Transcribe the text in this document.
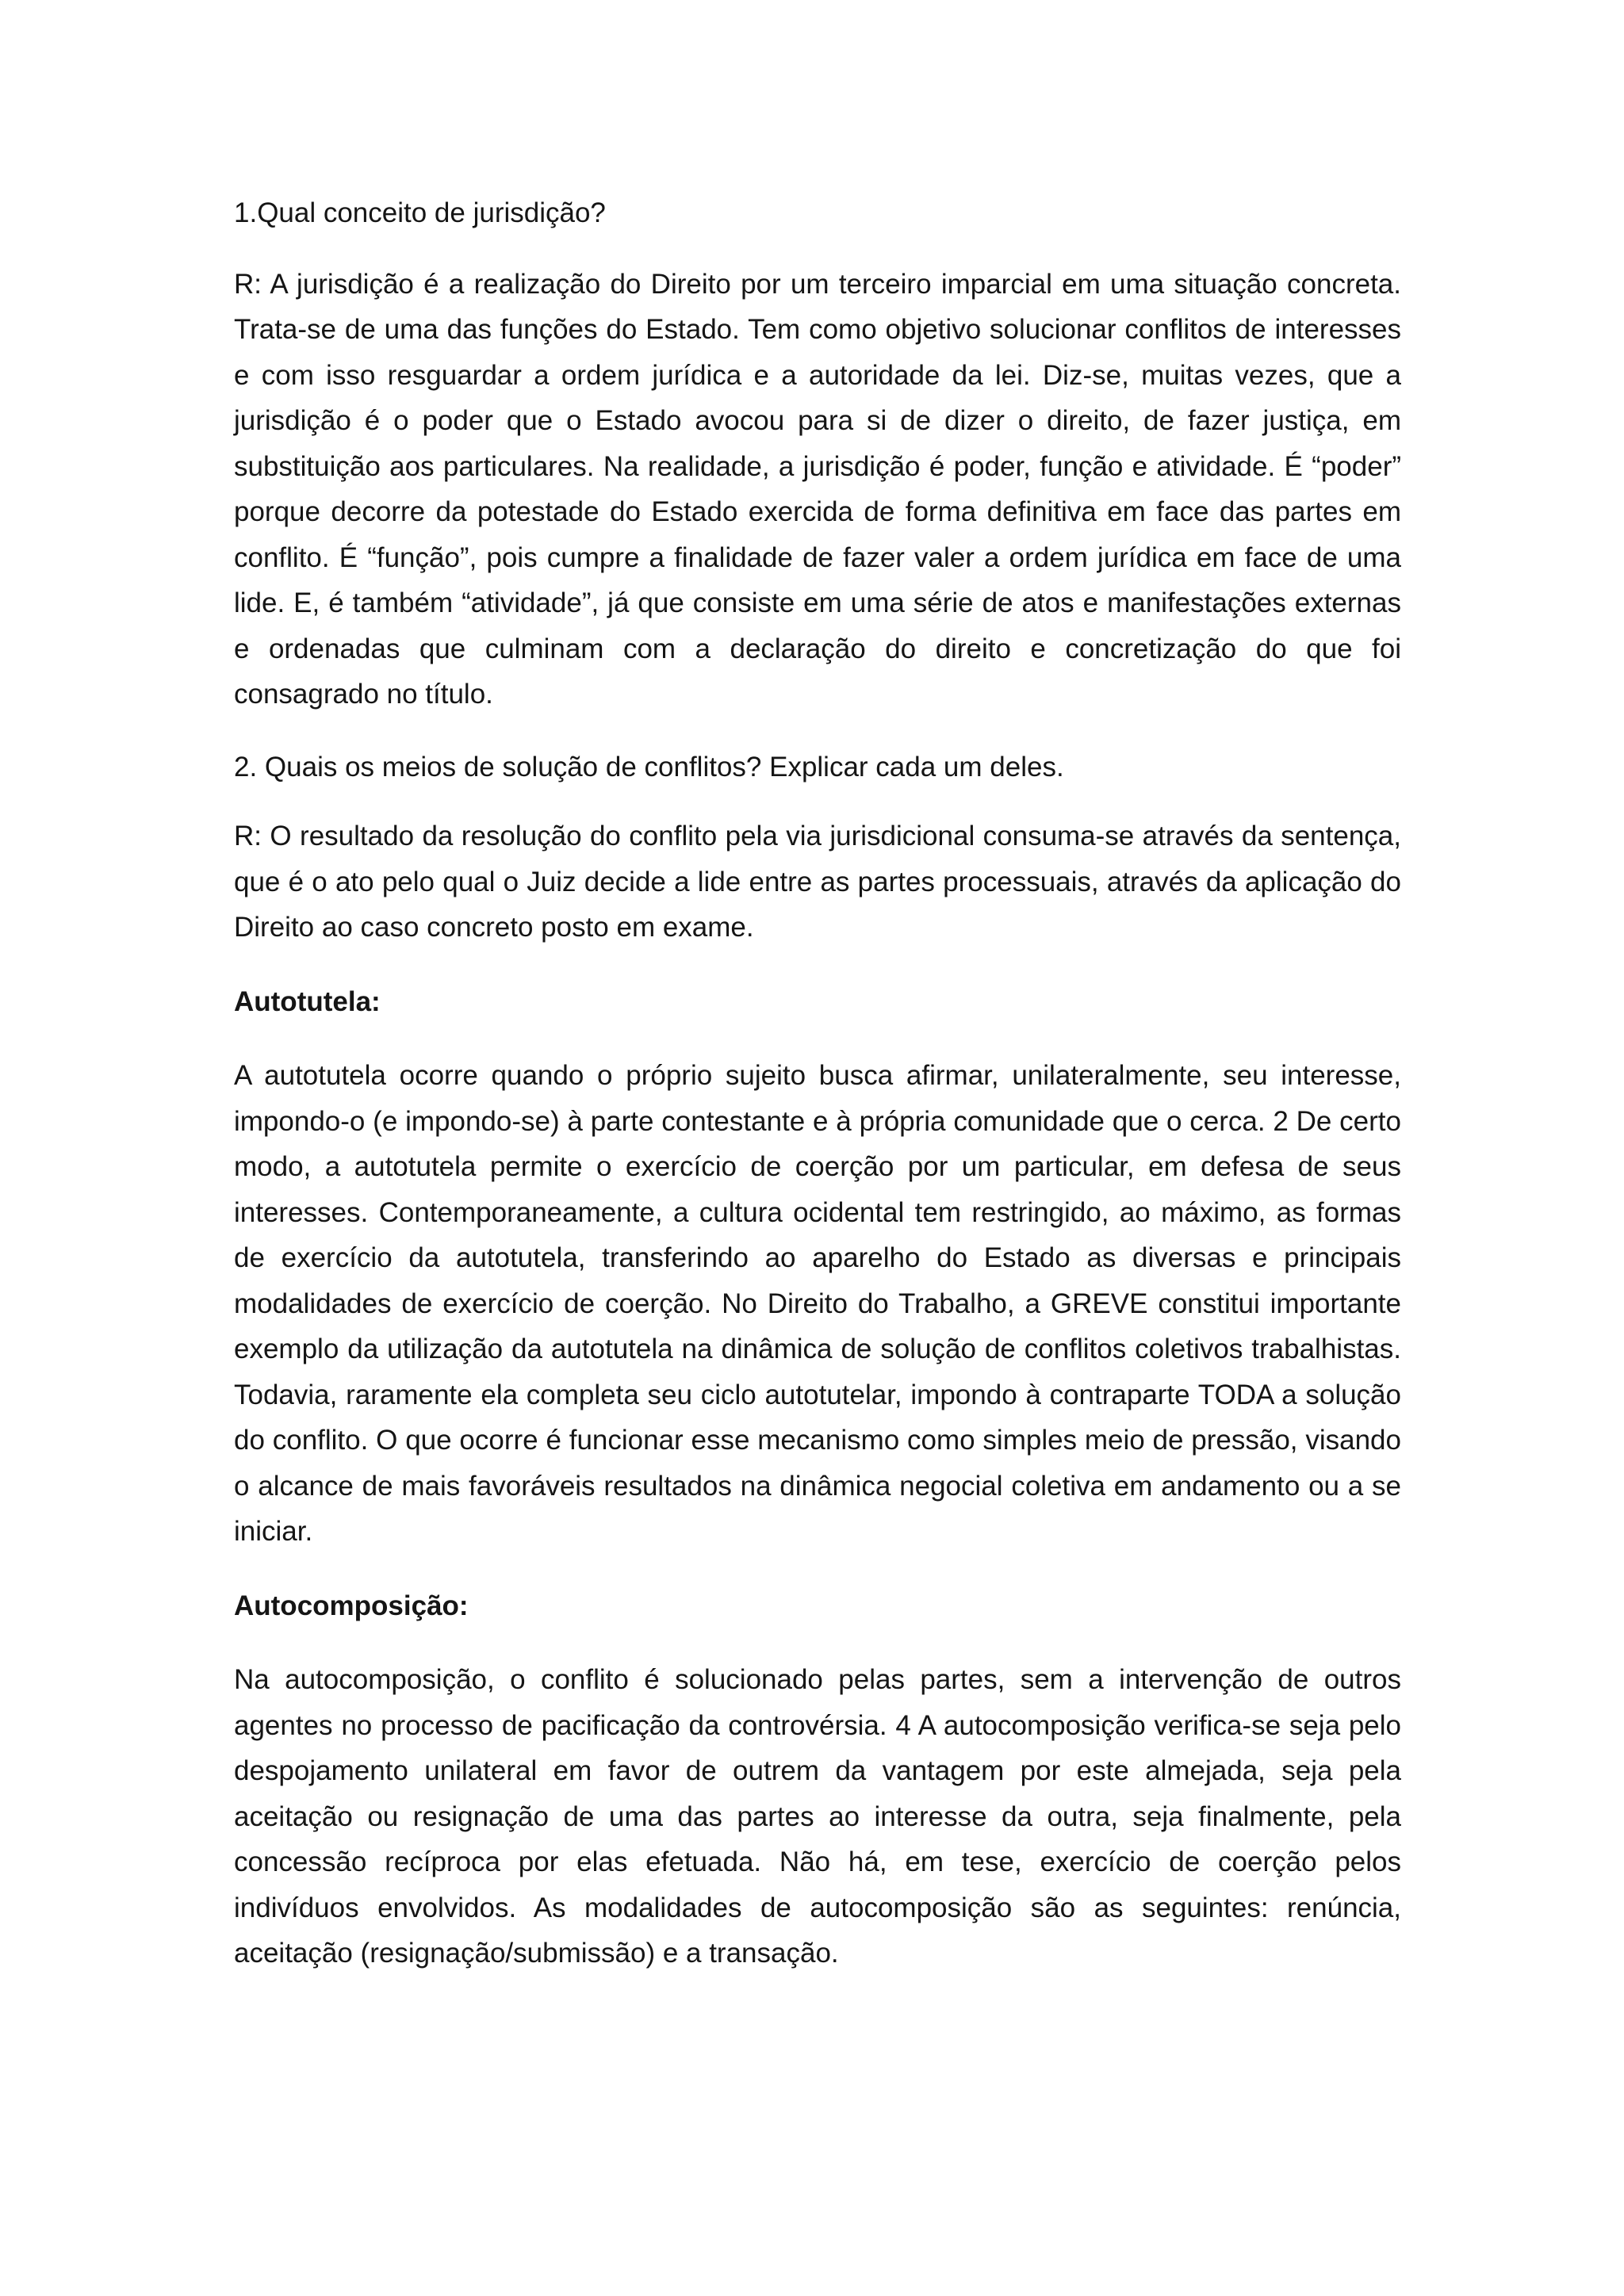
1.Qual conceito de jurisdição?

R: A jurisdição é a realização do Direito por um terceiro imparcial em uma situação concreta. Trata-se de uma das funções do Estado. Tem como objetivo solucionar conflitos de interesses e com isso resguardar a ordem jurídica e a autoridade da lei. Diz-se, muitas vezes, que a jurisdição é o poder que o Estado avocou para si de dizer o direito, de fazer justiça, em substituição aos particulares. Na realidade, a jurisdição é poder, função e atividade. É “poder” porque decorre da potestade do Estado exercida de forma definitiva em face das partes em conflito. É “função”, pois cumpre a finalidade de fazer valer a ordem jurídica em face de uma lide. E, é também “atividade”, já que consiste em uma série de atos e manifestações externas e ordenadas que culminam com a declaração do direito e concretização do que foi consagrado no título.

2. Quais os meios de solução de conflitos? Explicar cada um deles.

R: O resultado da resolução do conflito pela via jurisdicional consuma-se através da sentença, que é o ato pelo qual o Juiz decide a lide entre as partes processuais, através da aplicação do Direito ao caso concreto posto em exame.

Autotutela:

A autotutela ocorre quando o próprio sujeito busca afirmar, unilateralmente, seu interesse, impondo-o (e impondo-se) à parte contestante e à própria comunidade que o cerca. 2 De certo modo, a autotutela permite o exercício de coerção por um particular, em defesa de seus interesses. Contemporaneamente, a cultura ocidental tem restringido, ao máximo, as formas de exercício da autotutela, transferindo ao aparelho do Estado as diversas e principais modalidades de exercício de coerção. No Direito do Trabalho, a GREVE constitui importante exemplo da utilização da autotutela na dinâmica de solução de conflitos coletivos trabalhistas. Todavia, raramente ela completa seu ciclo autotutelar, impondo à contraparte TODA a solução do conflito. O que ocorre é funcionar esse mecanismo como simples meio de pressão, visando o alcance de mais favoráveis resultados na dinâmica negocial coletiva em andamento ou a se iniciar.

Autocomposição:

Na autocomposição, o conflito é solucionado pelas partes, sem a intervenção de outros agentes no processo de pacificação da controvérsia. 4 A autocomposição verifica-se seja pelo despojamento unilateral em favor de outrem da vantagem por este almejada, seja pela aceitação ou resignação de uma das partes ao interesse da outra, seja finalmente, pela concessão recíproca por elas efetuada. Não há, em tese, exercício de coerção pelos indivíduos envolvidos. As modalidades de autocomposição são as seguintes: renúncia, aceitação (resignação/submissão) e a transação.
